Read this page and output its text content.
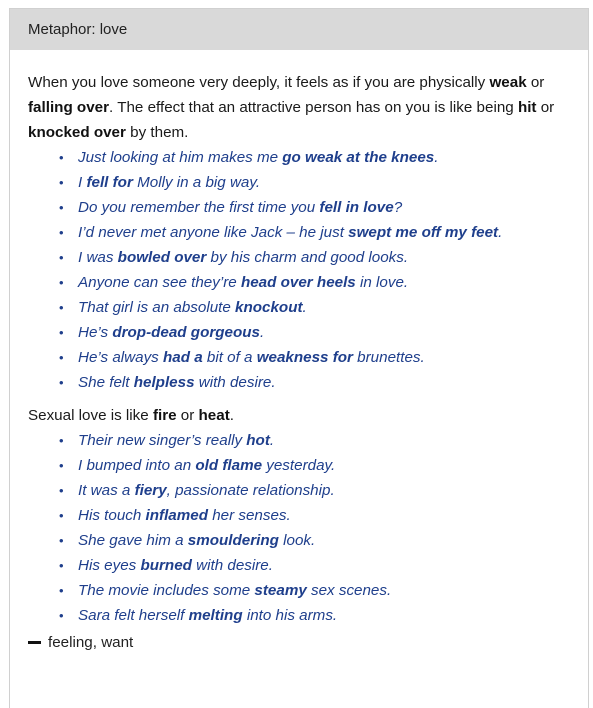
Metaphor: love

When you love someone very deeply, it feels as if you are physically weak or falling over. The effect that an attractive person has on you is like being hit or knocked over by them.

• Just looking at him makes me go weak at the knees.
• I fell for Molly in a big way.
• Do you remember the first time you fell in love?
• I’d never met anyone like Jack – he just swept me off my feet.
• I was bowled over by his charm and good looks.
• Anyone can see they’re head over heels in love.
• That girl is an absolute knockout.
• He’s drop-dead gorgeous.
• He’s always had a bit of a weakness for brunettes.
• She felt helpless with desire.

Sexual love is like fire or heat.

• Their new singer’s really hot.
• I bumped into an old flame yesterday.
• It was a fiery, passionate relationship.
• His touch inflamed her senses.
• She gave him a smouldering look.
• His eyes burned with desire.
• The movie includes some steamy sex scenes.
• Sara felt herself melting into his arms.
feeling, want
